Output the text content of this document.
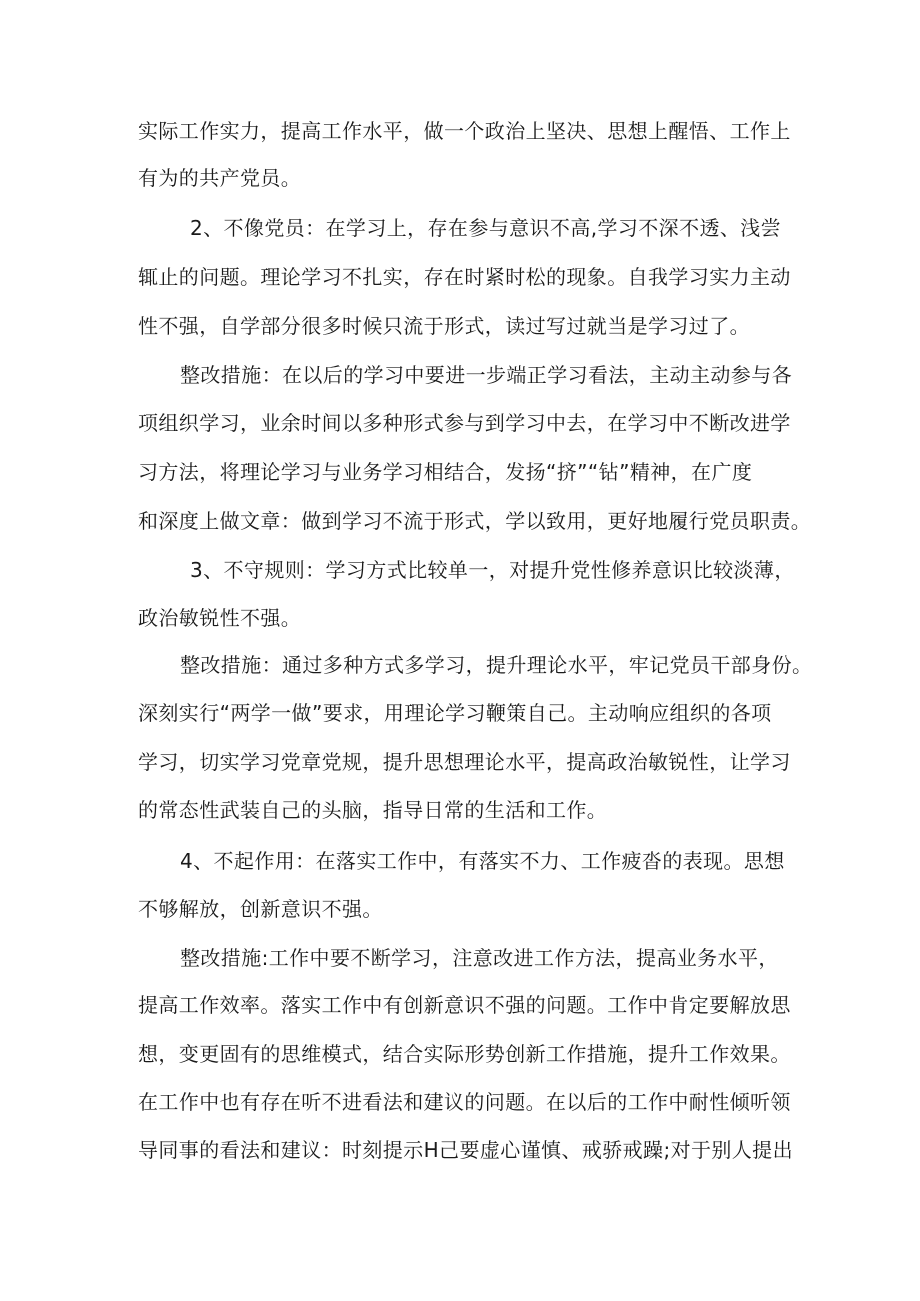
实际工作实力，提高工作水平，做一个政治上坚决、思想上醒悟、工作上
有为的共产党员。
2、不像党员：在学习上，存在参与意识不高,学习不深不透、浅尝
辄止的问题。理论学习不扎实，存在时紧时松的现象。自我学习实力主动
性不强，自学部分很多时候只流于形式，读过写过就当是学习过了。
整改措施：在以后的学习中要进一步端正学习看法，主动主动参与各
项组织学习，业余时间以多种形式参与到学习中去，在学习中不断改进学
习方法，将理论学习与业务学习相结合，发扬“挤”“钻”精神，在广度
和深度上做文章：做到学习不流于形式，学以致用，更好地履行党员职责。
3、不守规则：学习方式比较单一，对提升党性修养意识比较淡薄，
政治敏锐性不强。
整改措施：通过多种方式多学习，提升理论水平，牢记党员干部身份。
深刻实行“两学一做”要求，用理论学习鞭策自己。主动响应组织的各项
学习，切实学习党章党规，提升思想理论水平，提高政治敏锐性，让学习
的常态性武装自己的头脑，指导日常的生活和工作。
4、不起作用：在落实工作中，有落实不力、工作疲沓的表现。思想
不够解放，创新意识不强。
整改措施:工作中要不断学习，注意改进工作方法，提高业务水平，
提高工作效率。落实工作中有创新意识不强的问题。工作中肯定要解放思
想，变更固有的思维模式，结合实际形势创新工作措施，提升工作效果。
在工作中也有存在听不进看法和建议的问题。在以后的工作中耐性倾听领
导同事的看法和建议：时刻提示H己要虚心谨慎、戒骄戒躁;对于别人提出
